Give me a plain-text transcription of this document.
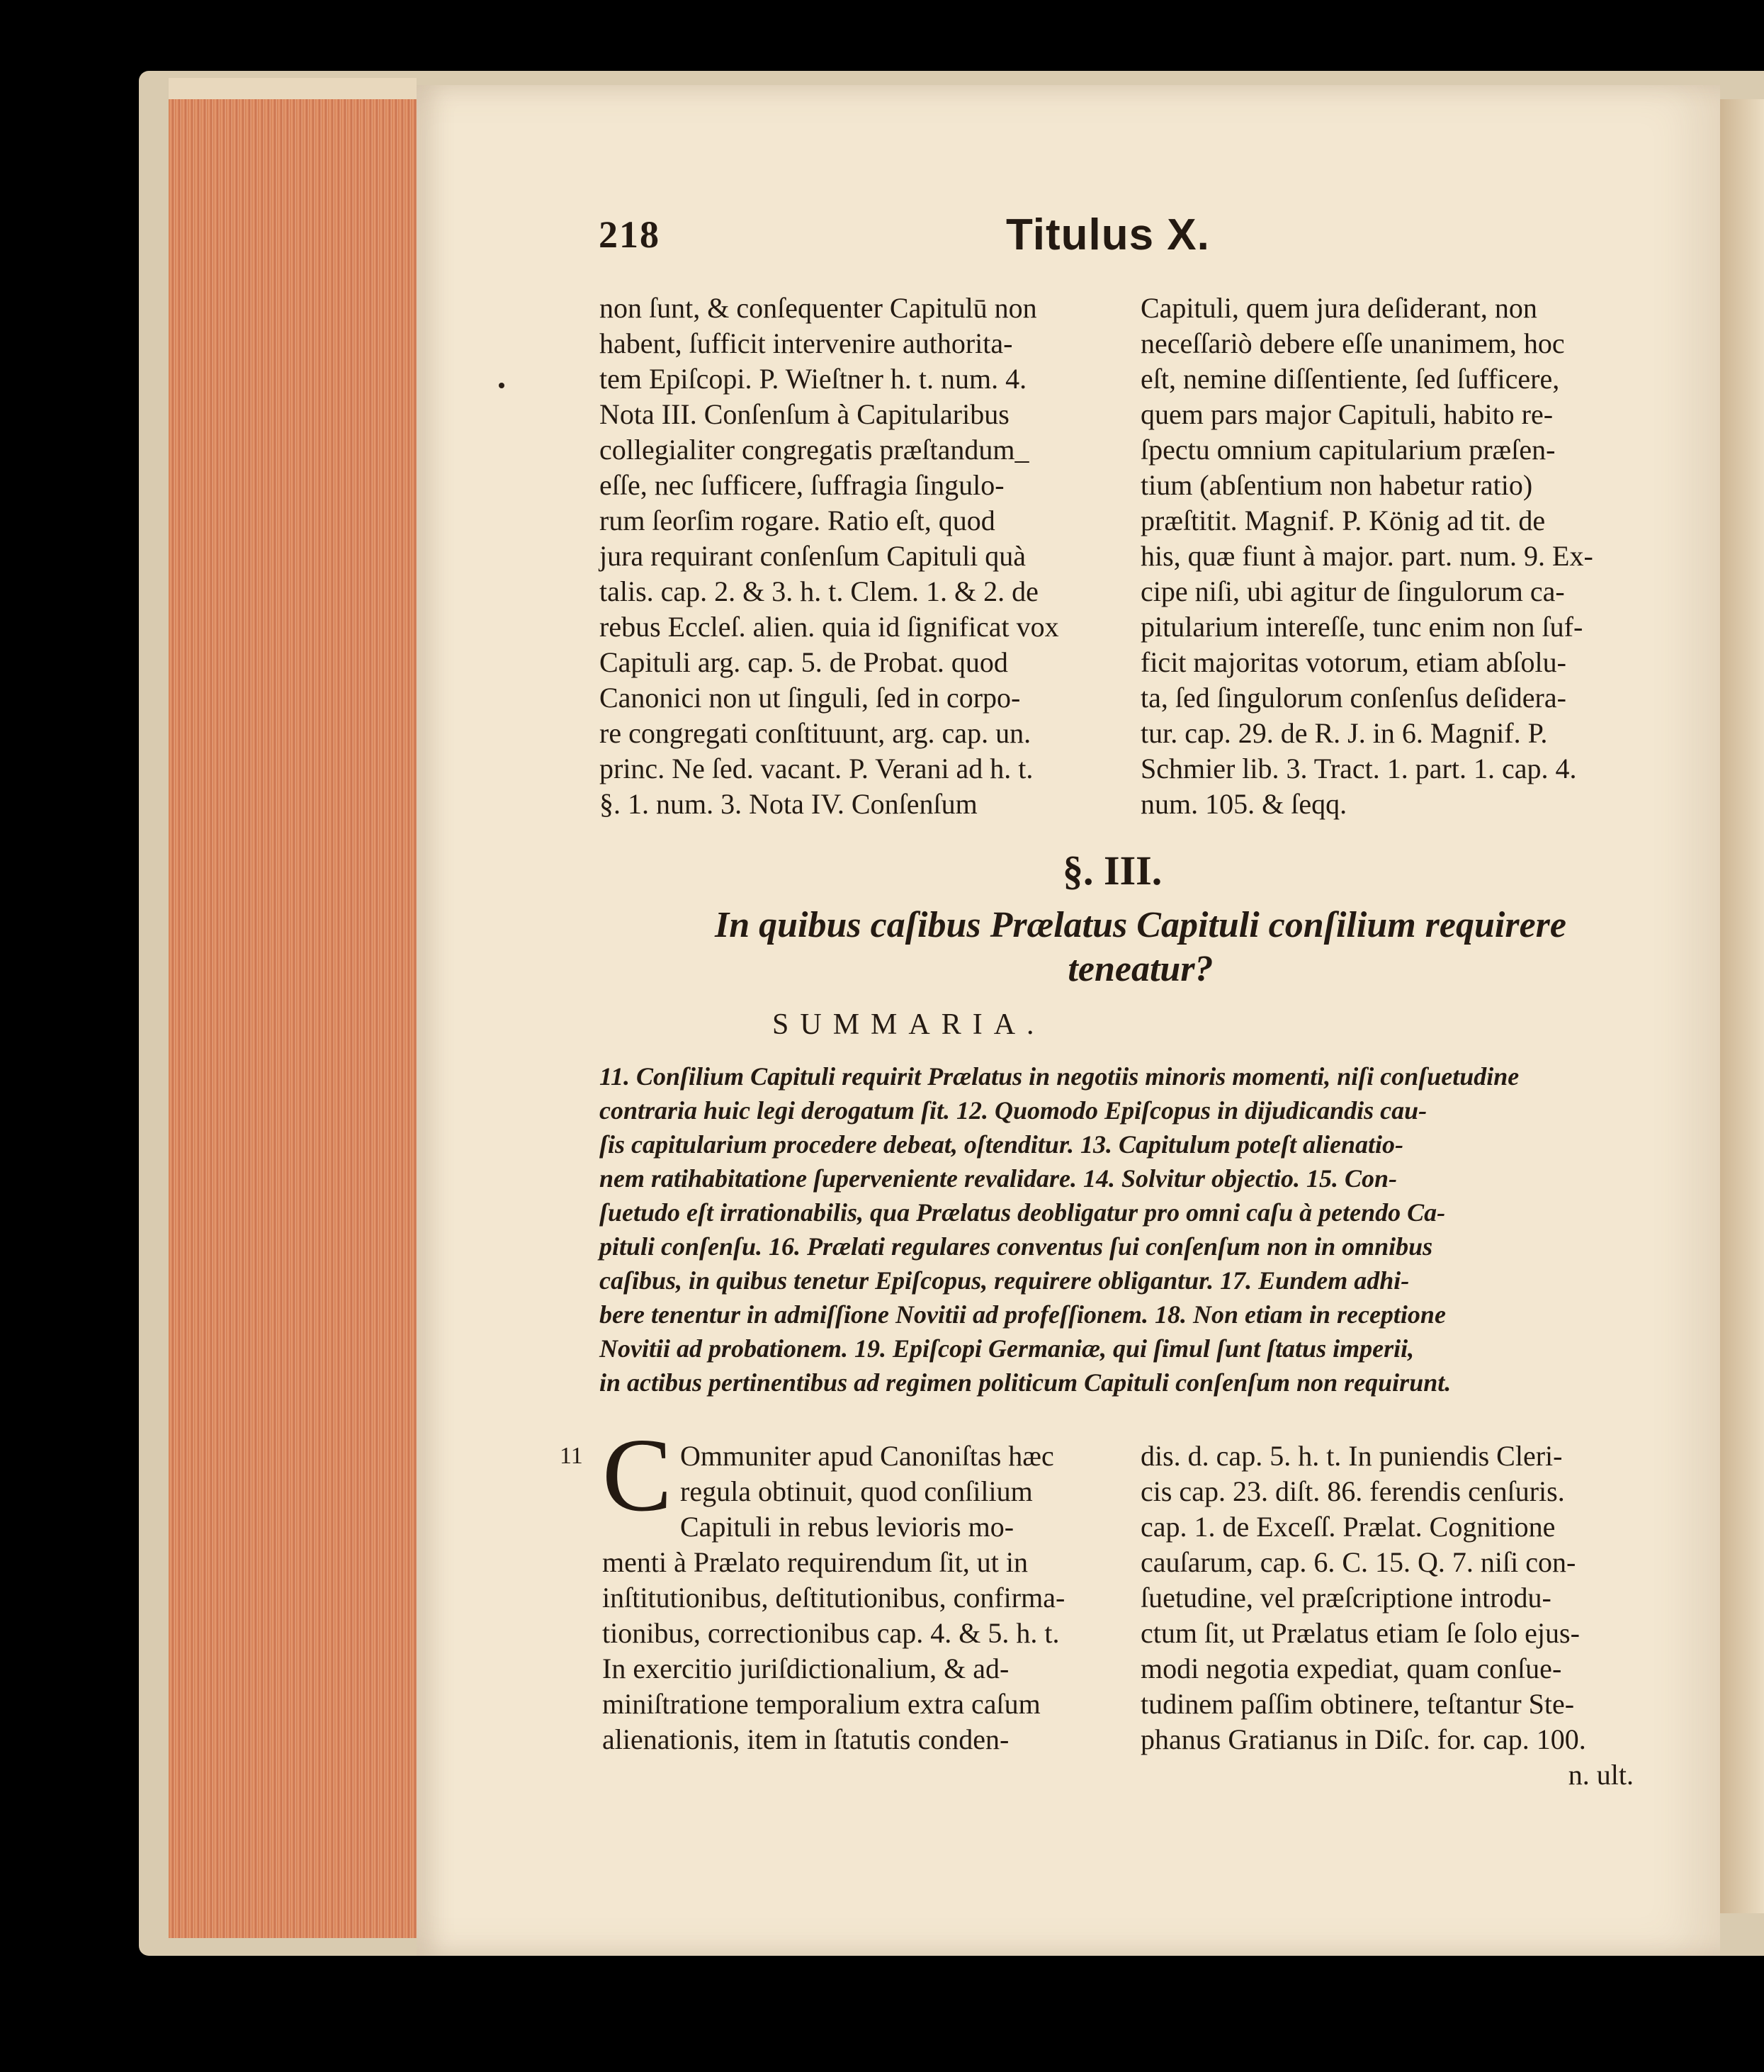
218	Titulus X.
non ſunt, & conſequenter Capitulū non
habent, ſufficit intervenire authorita-
tem Epiſcopi. P. Wieſtner h. t. num. 4.
Nota III. Conſenſum à Capitularibus
collegialiter congregatis præſtandum_
eſſe, nec ſufficere, ſuffragia ſingulo-
rum ſeorſim rogare. Ratio eſt, quod
jura requirant conſenſum Capituli quà
talis. cap. 2. & 3. h. t. Clem. 1. & 2. de
rebus Eccleſ. alien. quia id ſignificat vox
Capituli arg. cap. 5. de Probat. quod
Canonici non ut ſinguli, ſed in corpo-
re congregati conſtituunt, arg. cap. un.
princ. Ne ſed. vacant. P. Verani ad h. t.
§. 1. num. 3. Nota IV. Conſenſum
Capituli, quem jura deſiderant, non
neceſſariò debere eſſe unanimem, hoc
eſt, nemine diſſentiente, ſed ſufficere,
quem pars major Capituli, habito re-
ſpectu omnium capitularium præſen-
tium (abſentium non habetur ratio)
præſtitit. Magnif. P. König ad tit. de
his, quæ fiunt à major. part. num. 9. Ex-
cipe niſi, ubi agitur de ſingulorum ca-
pitularium intereſſe, tunc enim non ſuf-
ficit majoritas votorum, etiam abſolu-
ta, ſed ſingulorum conſenſus deſidera-
tur. cap. 29. de R. J. in 6. Magnif. P.
Schmier lib. 3. Tract. 1. part. 1. cap. 4.
num. 105. & ſeqq.
§. III.
In quibus caſibus Prælatus Capituli conſilium requirere
teneatur?
SUMMARIA.
11. Conſilium Capituli requirit Prælatus in negotiis minoris momenti, niſi conſuetudine
contraria huic legi derogatum ſit. 12. Quomodo Epiſcopus in dijudicandis cau-
ſis capitularium procedere debeat, oſtenditur. 13. Capitulum poteſt alienatio-
nem ratihabitatione ſuperveniente revalidare. 14. Solvitur objectio. 15. Con-
ſuetudo eſt irrationabilis, qua Prælatus deobligatur pro omni caſu à petendo Ca-
pituli conſenſu. 16. Prælati regulares conventus ſui conſenſum non in omnibus
caſibus, in quibus tenetur Epiſcopus, requirere obligantur. 17. Eundem adhi-
bere tenentur in admiſſione Novitii ad profeſſionem. 18. Non etiam in receptione
Novitii ad probationem. 19. Epiſcopi Germaniæ, qui ſimul ſunt ſtatus imperii,
in actibus pertinentibus ad regimen politicum Capituli conſenſum non requirunt.
11 C Ommuniter apud Canoniſtas hæc
regula obtinuit, quod conſilium
Capituli in rebus levioris mo-
menti à Prælato requirendum ſit, ut in
inſtitutionibus, deſtitutionibus, confirma-
tionibus, correctionibus cap. 4. & 5. h. t.
In exercitio juriſdictionalium, & ad-
miniſtratione temporalium extra caſum
alienationis, item in ſtatutis conden-
dis. d. cap. 5. h. t. In puniendis Cleri-
cis cap. 23. diſt. 86. ferendis cenſuris.
cap. 1. de Exceſſ. Prælat. Cognitione
cauſarum, cap. 6. C. 15. Q. 7. niſi con-
ſuetudine, vel præſcriptione introdu-
ctum ſit, ut Prælatus etiam ſe ſolo ejus-
modi negotia expediat, quam conſue-
tudinem paſſim obtinere, teſtantur Ste-
phanus Gratianus in Diſc. for. cap. 100.
n. ult.
